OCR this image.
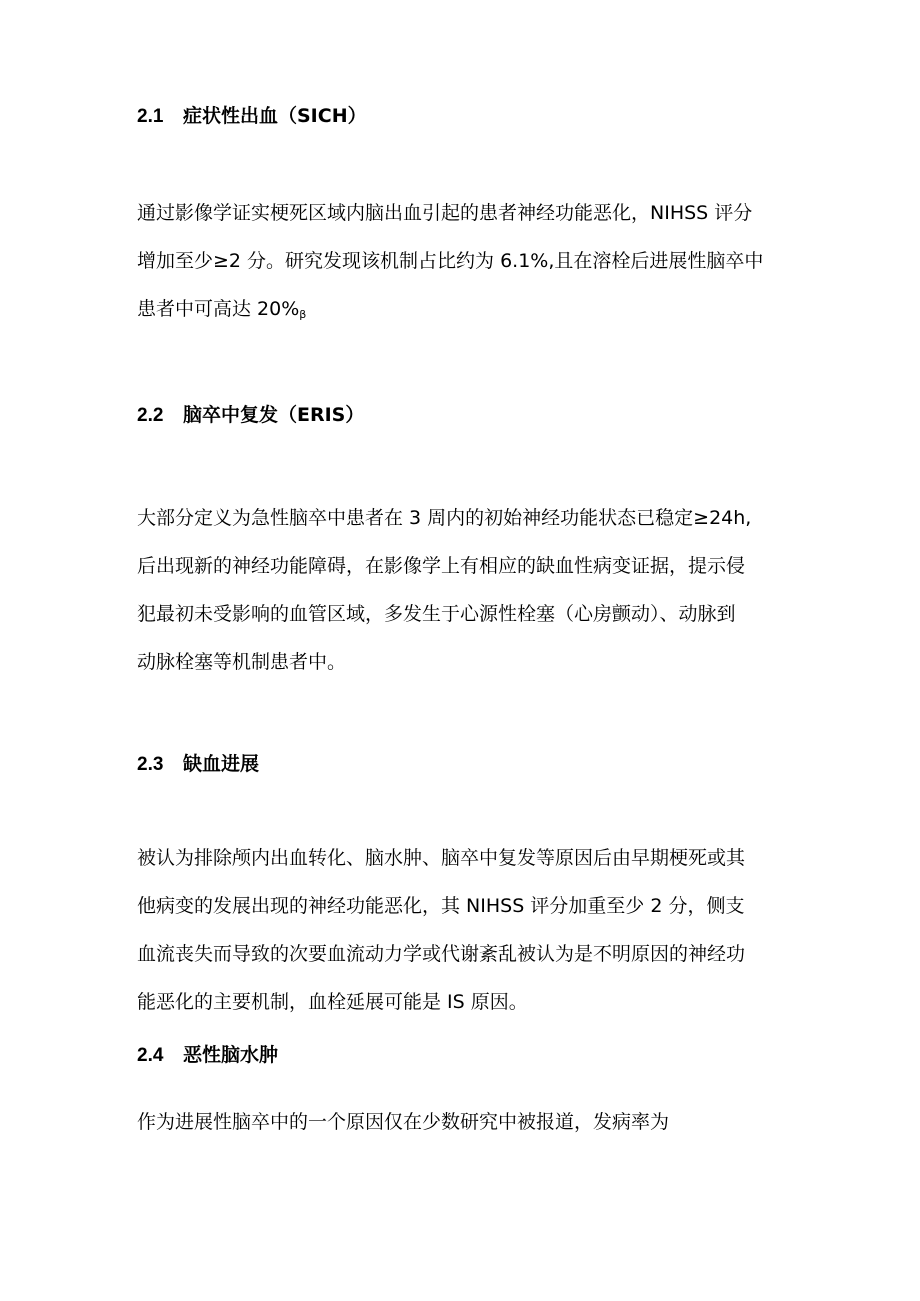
2.1 症状性出血（SICH）
通过影像学证实梗死区域内脑出血引起的患者神经功能恶化，NIHSS 评分
增加至少≥2 分。研究发现该机制占比约为 6.1%,且在溶栓后进展性脑卒中
患者中可高达 $20\%_\beta$
2.2 脑卒中复发（ERIS）
大部分定义为急性脑卒中患者在 3 周内的初始神经功能状态已稳定≥24h,
后出现新的神经功能障碍，在影像学上有相应的缺血性病变证据，提示侵
犯最初未受影响的血管区域，多发生于心源性栓塞（心房颤动）、动脉到
动脉栓塞等机制患者中。
2.3 缺血进展
被认为排除颅内出血转化、脑水肿、脑卒中复发等原因后由早期梗死或其
他病变的发展出现的神经功能恶化，其 NIHSS 评分加重至少 2 分，侧支
血流丧失而导致的次要血流动力学或代谢紊乱被认为是不明原因的神经功
能恶化的主要机制，血栓延展可能是 IS 原因。
2.4 恶性脑水肿
作为进展性脑卒中的一个原因仅在少数研究中被报道，发病率为
